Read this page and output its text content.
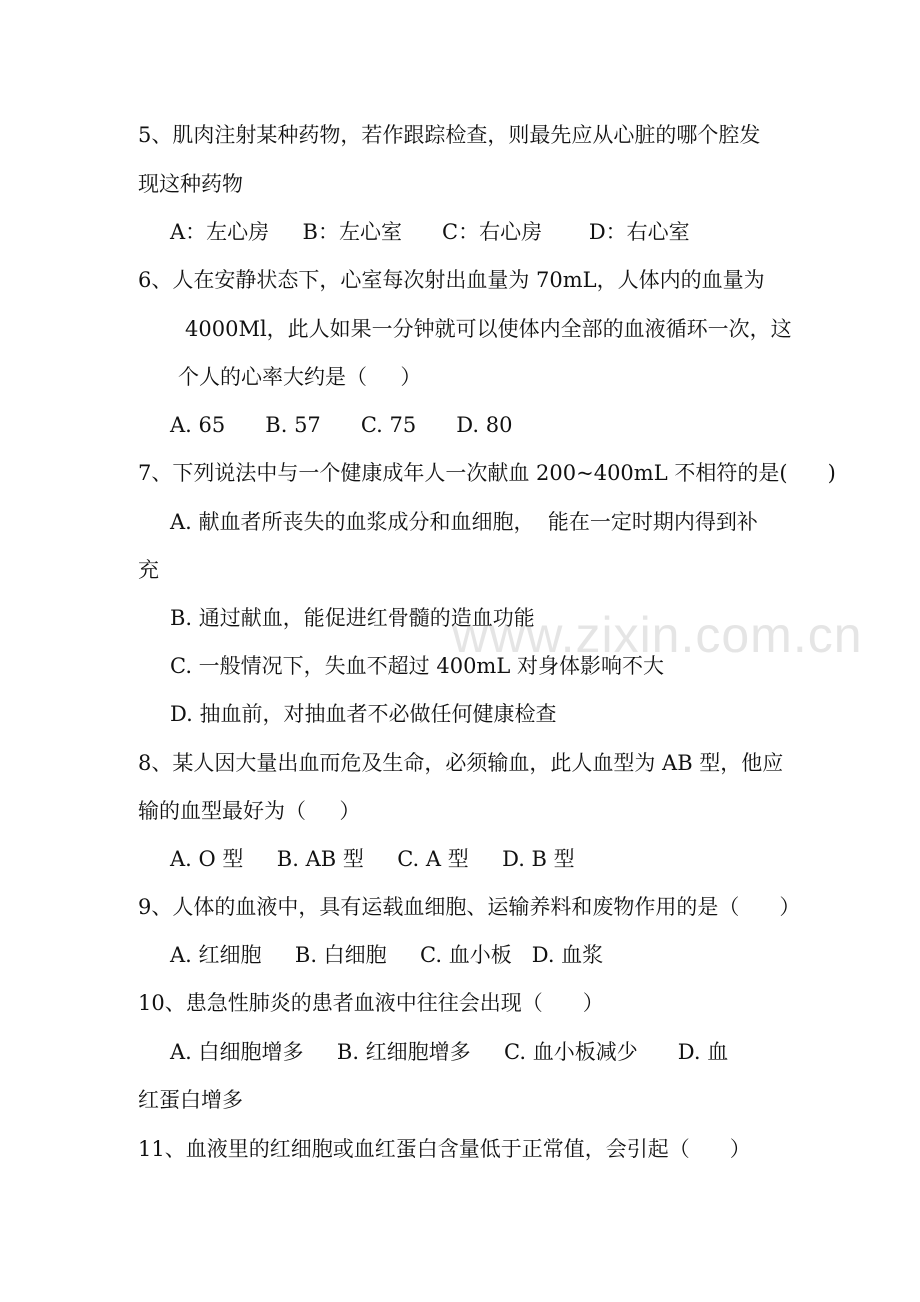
5、肌肉注射某种药物，若作跟踪检查，则最先应从心脏的哪个腔发
现这种药物
A：左心房     B：左心室      C：右心房       D：右心室
6、人在安静状态下，心室每次射出血量为 70mL，人体内的血量为
4000Ml，此人如果一分钟就可以使体内全部的血液循环一次，这
个人的心率大约是（     ）
A. 65      B. 57      C. 75      D. 80
7、下列说法中与一个健康成年人一次献血 200~400mL 不相符的是(      )
A. 献血者所丧失的血浆成分和血细胞，  能在一定时期内得到补
充
B. 通过献血，能促进红骨髓的造血功能
C. 一般情况下，失血不超过 400mL 对身体影响不大
D. 抽血前，对抽血者不必做任何健康检查
8、某人因大量出血而危及生命，必须输血，此人血型为 AB 型，他应
输的血型最好为（     ）
A. O 型     B. AB 型     C. A 型     D. B 型
9、人体的血液中，具有运载血细胞、运输养料和废物作用的是（      ）
A. 红细胞     B. 白细胞     C. 血小板   D. 血浆
10、患急性肺炎的患者血液中往往会出现（      ）
A. 白细胞增多     B. 红细胞增多     C. 血小板减少      D. 血
红蛋白增多
11、血液里的红细胞或血红蛋白含量低于正常值，会引起（      ）
www.zixin.com.cn
